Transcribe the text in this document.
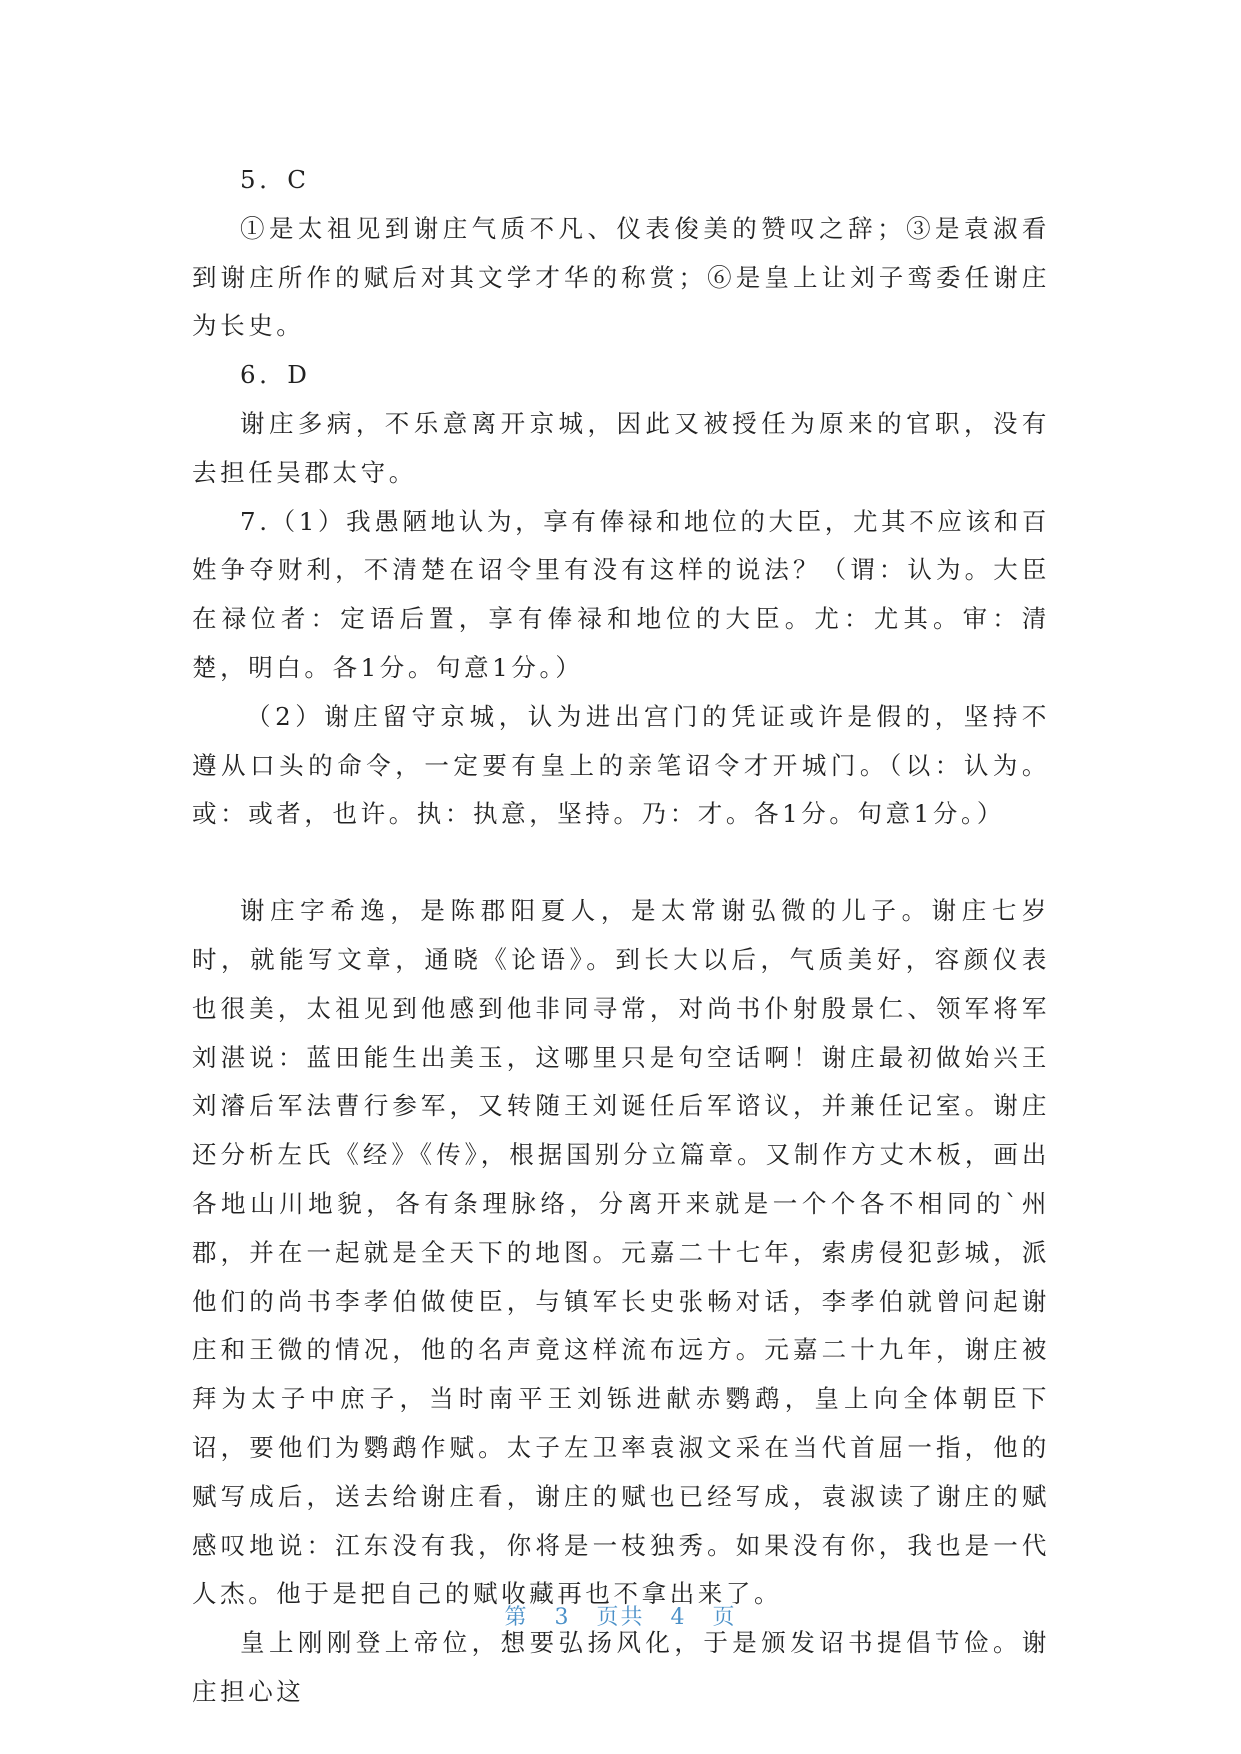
5．C

①是太祖见到谢庄气质不凡、仪表俊美的赞叹之辞；③是袁淑看到谢庄所作的赋后对其文学才华的称赏；⑥是皇上让刘子鸾委任谢庄为长史。

6．D

谢庄多病，不乐意离开京城，因此又被授任为原来的官职，没有去担任吴郡太守。

7.（1）我愚陋地认为，享有俸禄和地位的大臣，尤其不应该和百姓争夺财利，不清楚在诏令里有没有这样的说法？（谓：认为。大臣在禄位者：定语后置，享有俸禄和地位的大臣。尤：尤其。审：清楚，明白。各1分。句意1分。）

（2）谢庄留守京城，认为进出宫门的凭证或许是假的，坚持不遵从口头的命令，一定要有皇上的亲笔诏令才开城门。（以：认为。或：或者，也许。执：执意，坚持。乃：才。各1分。句意1分。）

谢庄字希逸，是陈郡阳夏人，是太常谢弘微的儿子。谢庄七岁时，就能写文章，通晓《论语》。到长大以后，气质美好，容颜仪表也很美，太祖见到他感到他非同寻常，对尚书仆射殷景仁、领军将军刘湛说：蓝田能生出美玉，这哪里只是句空话啊！谢庄最初做始兴王刘濬后军法曹行参军，又转随王刘诞任后军谘议，并兼任记室。谢庄还分析左氏《经》《传》，根据国别分立篇章。又制作方丈木板，画出各地山川地貌，各有条理脉络，分离开来就是一个个各不相同的`州郡，并在一起就是全天下的地图。元嘉二十七年，索虏侵犯彭城，派他们的尚书李孝伯做使臣，与镇军长史张畅对话，李孝伯就曾问起谢庄和王微的情况，他的名声竟这样流布远方。元嘉二十九年，谢庄被拜为太子中庶子，当时南平王刘铄进献赤鹦鹉，皇上向全体朝臣下诏，要他们为鹦鹉作赋。太子左卫率袁淑文采在当代首屈一指，他的赋写成后，送去给谢庄看，谢庄的赋也已经写成，袁淑读了谢庄的赋感叹地说：江东没有我，你将是一枝独秀。如果没有你，我也是一代人杰。他于是把自己的赋收藏再也不拿出来了。

皇上刚刚登上帝位，想要弘扬风化，于是颁发诏书提倡节俭。谢庄担心这

第 3 页共 4 页
